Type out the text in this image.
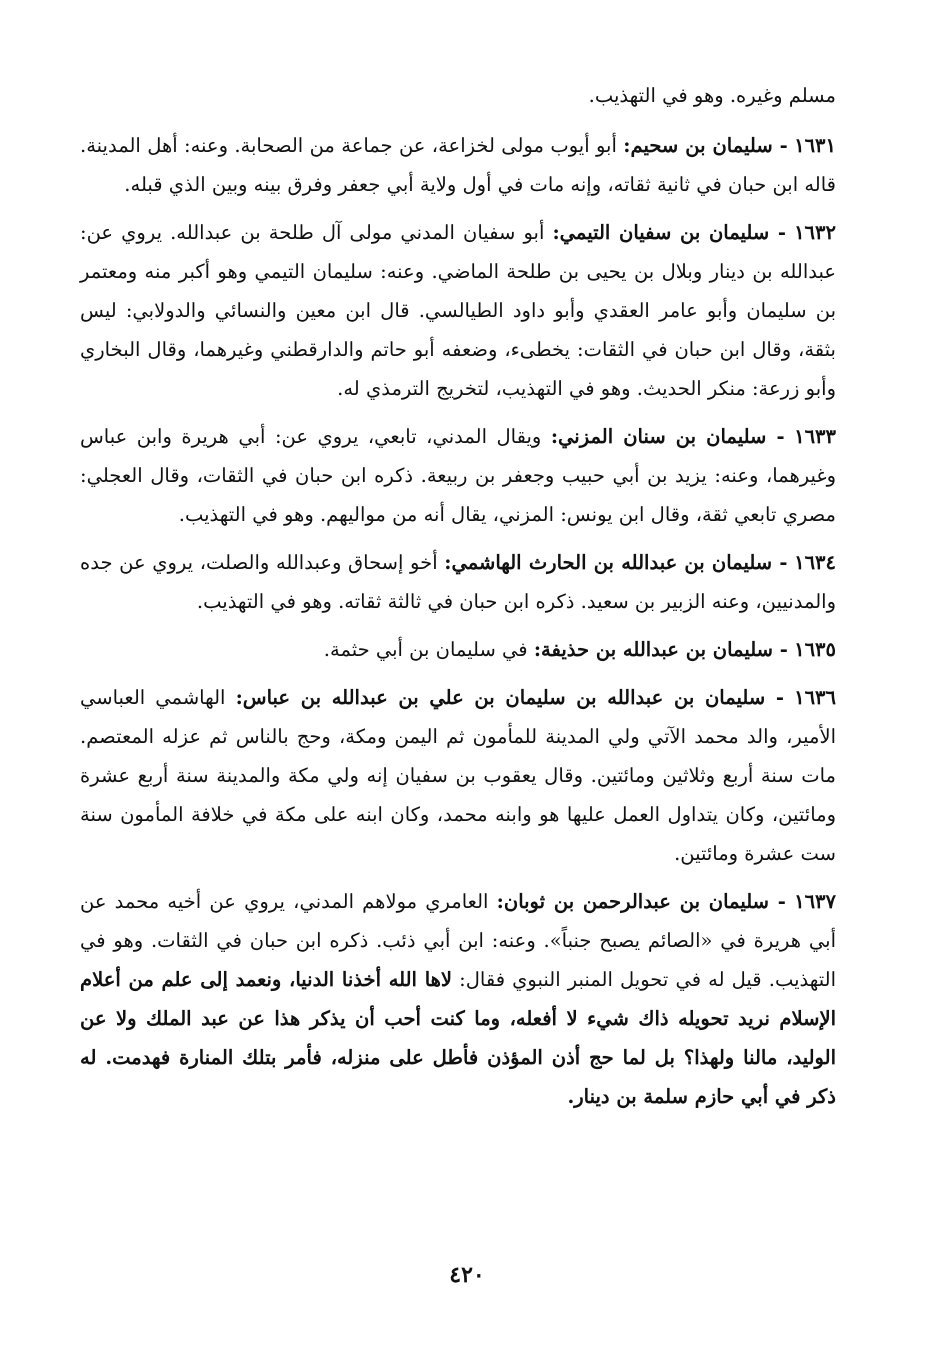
مسلم وغيره. وهو في التهذيب.

١٦٣١ - سليمان بن سحيم: أبو أيوب مولى لخزاعة، عن جماعة من الصحابة. وعنه: أهل المدينة. قاله ابن حبان في ثانية ثقاته، وإنه مات في أول ولاية أبي جعفر وفرق بينه وبين الذي قبله.

١٦٣٢ - سليمان بن سفيان التيمي: أبو سفيان المدني مولى آل طلحة بن عبدالله. يروي عن: عبدالله بن دينار وبلال بن يحيى بن طلحة الماضي. وعنه: سليمان التيمي وهو أكبر منه ومعتمر بن سليمان وأبو عامر العقدي وأبو داود الطيالسي. قال ابن معين والنسائي والدولابي: ليس بثقة، وقال ابن حبان في الثقات: يخطىء، وضعفه أبو حاتم والدارقطني وغيرهما، وقال البخاري وأبو زرعة: منكر الحديث. وهو في التهذيب، لتخريج الترمذي له.

١٦٣٣ - سليمان بن سنان المزني: ويقال المدني، تابعي، يروي عن: أبي هريرة وابن عباس وغيرهما، وعنه: يزيد بن أبي حبيب وجعفر بن ربيعة. ذكره ابن حبان في الثقات، وقال العجلي: مصري تابعي ثقة، وقال ابن يونس: المزني، يقال أنه من مواليهم. وهو في التهذيب.

١٦٣٤ - سليمان بن عبدالله بن الحارث الهاشمي: أخو إسحاق وعبدالله والصلت، يروي عن جده والمدنيين، وعنه الزبير بن سعيد. ذكره ابن حبان في ثالثة ثقاته. وهو في التهذيب.

١٦٣٥ - سليمان بن عبدالله بن حذيفة: في سليمان بن أبي حثمة.

١٦٣٦ - سليمان بن عبدالله بن سليمان بن علي بن عبدالله بن عباس: الهاشمي العباسي الأمير، والد محمد الآتي ولي المدينة للمأمون ثم اليمن ومكة، وحج بالناس ثم عزله المعتصم. مات سنة أربع وثلاثين ومائتين. وقال يعقوب بن سفيان إنه ولي مكة والمدينة سنة أربع عشرة ومائتين، وكان يتداول العمل عليها هو وابنه محمد، وكان ابنه على مكة في خلافة المأمون سنة ست عشرة ومائتين.

١٦٣٧ - سليمان بن عبدالرحمن بن ثوبان: العامري مولاهم المدني، يروي عن أخيه محمد عن أبي هريرة في «الصائم يصبح جنباً». وعنه: ابن أبي ذئب. ذكره ابن حبان في الثقات. وهو في التهذيب. قيل له في تحويل المنبر النبوي فقال: لاها الله أخذنا الدنيا، ونعمد إلى علم من أعلام الإسلام نريد تحويله ذاك شيء لا أفعله، وما كنت أحب أن يذكر هذا عن عبد الملك ولا عن الوليد، مالنا ولهذا؟ بل لما حج أذن المؤذن فأطل على منزله، فأمر بتلك المنارة فهدمت. له ذكر في أبي حازم سلمة بن دينار.

٤٢٠
